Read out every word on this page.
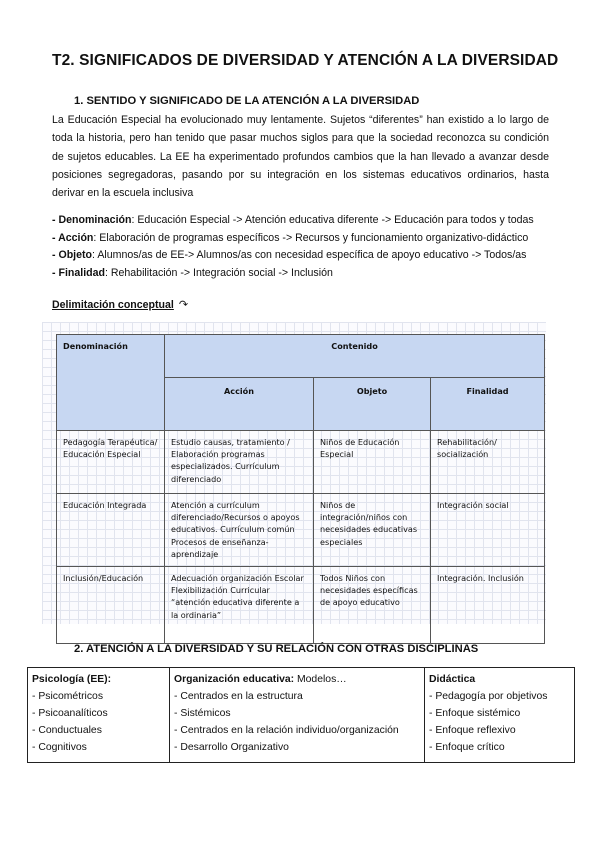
T2. SIGNIFICADOS DE DIVERSIDAD Y ATENCIÓN A LA DIVERSIDAD
1. SENTIDO Y SIGNIFICADO DE LA ATENCIÓN A LA DIVERSIDAD
La Educación Especial ha evolucionado muy lentamente. Sujetos “diferentes” han existido a lo largo de toda la historia, pero han tenido que pasar muchos siglos para que la sociedad reconozca su condición de sujetos educables. La EE ha experimentado profundos cambios que la han llevado a avanzar desde posiciones segregadoras, pasando por su integración en los sistemas educativos ordinarios, hasta derivar en la escuela inclusiva
- Denominación: Educación Especial -> Atención educativa diferente -> Educación para todos y todas
- Acción: Elaboración de programas específicos -> Recursos y funcionamiento organizativo-didáctico
- Objeto: Alumnos/as de EE-> Alumnos/as con necesidad específica de apoyo educativo -> Todos/as
- Finalidad: Rehabilitación -> Integración social -> Inclusión
Delimitación conceptual ↷
Denominación	Contenido		
	Acción	Objeto	Finalidad
Pedagogía Terapéutica/ Educación Especial	Estudio causas, tratamiento / Elaboración programas especializados. Currículum diferenciado	Niños de Educación Especial	Rehabilitación/ socialización
Educación Integrada	Atención a currículum diferenciado/Recursos o apoyos educativos. Currículum común Procesos de enseñanza-aprendizaje	Niños de integración/niños con necesidades educativas especiales	Integración social
Inclusión/Educación	Adecuación organización Escolar Flexibilización Curricular “atención educativa diferente a la ordinaria”	Todos Niños con necesidades específicas de apoyo educativo	Integración. Inclusión
2. ATENCIÓN A LA DIVERSIDAD Y SU RELACIÓN CON OTRAS DISCIPLINAS
Psicología (EE):
- Psicométricos
- Psicoanalíticos
- Conductuales
- Cognitivos

Organización educativa: Modelos…
- Centrados en la estructura
- Sistémicos
- Centrados en la relación individuo/organización
- Desarrollo Organizativo

Didáctica
- Pedagogía por objetivos
- Enfoque sistémico
- Enfoque reflexivo
- Enfoque crítico
